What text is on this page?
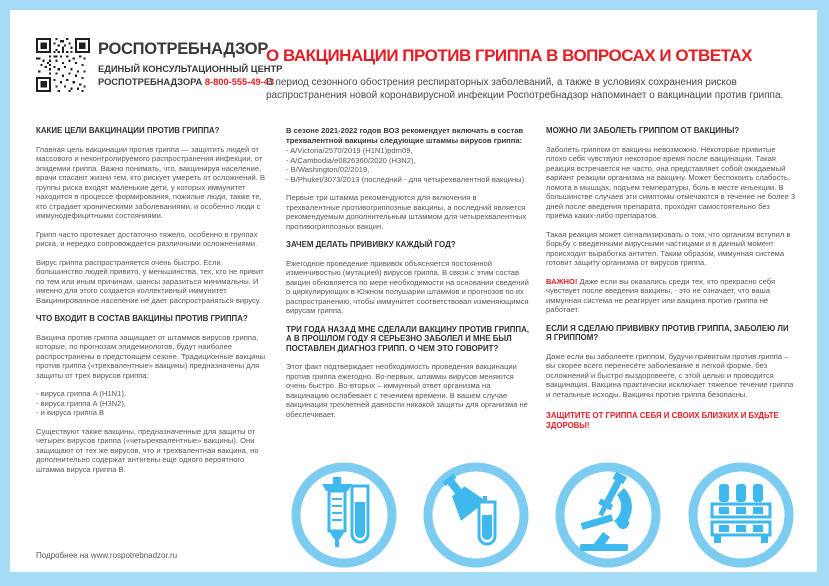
РОСПОТРЕБНАДЗОР
ЕДИНЫЙ КОНСУЛЬТАЦИОННЫЙ ЦЕНТР
РОСПОТРЕБНАДЗОРА 8-800-555-49-43
О ВАКЦИНАЦИИ ПРОТИВ ГРИППА В ВОПРОСАХ И ОТВЕТАХ
В период сезонного обострения респираторных заболеваний, а также в условиях сохранения рисков распространения новой коронавирусной инфекции Роспотребнадзор напоминает о вакцинации против гриппа.
КАКИЕ ЦЕЛИ ВАКЦИНАЦИИ ПРОТИВ ГРИППА?

Главная цель вакцинации против гриппа — защитить людей от массового и неконтролируемого распространения инфекции, от эпидемии гриппа. Важно понимать, что, вакцинируя население, врачи спасают жизни тем, кто рискует умереть от осложнений. В группы риска входят маленькие дети, у которых иммунитет находится в процессе формирования, пожилые люди, также те, кто страдает хроническими заболеваниями, и особенно люди с иммунодефицитными состояниями.

Грипп часто протекает достаточно тяжело, особенно в группах риска, и нередко сопровождается различными осложнениями.

Вирус гриппа распространяется очень быстро. Если большинство людей привито, у меньшинства, тех, кто не привит по тем или иным причинам, шансы заразиться минимальны. И именно для этого создается коллективный иммунитет. Вакцинированное население не дает распространяться вирусу.

ЧТО ВХОДИТ В СОСТАВ ВАКЦИНЫ ПРОТИВ ГРИППА?

Вакцина против гриппа защищает от штаммов вирусов гриппа, которые, по прогнозам эпидемиологов, будут наиболее распространены в предстоящем сезоне. Традиционные вакцины против гриппа («трехвалентные» вакцины) предназначены для защиты от трех вирусов гриппа:

- вируса гриппа A (H1N1),
- вируса гриппа A (H3N2),
- и вируса гриппа B

Существуют также вакцины, предназначенные для защиты от четырех вирусов гриппа («четырехвалентные» вакцины). Они защищают от тех же вирусов, что и трехвалентная вакцина, но дополнительно содержат антигены еще одного вероятного штамма вируса гриппа B.

В сезоне 2021-2022 годов ВОЗ рекомендует включать в состав трехвалентной вакцины следующие штаммы вирусов гриппа:

- A/Victoria/2570/2019 (H1N1)pdm09,
- A/Cambodia/e0826360/2020 (H3N2),
- B/Washington/02/2019,
- B/Phuket/3073/2013 (последний - для четырехвалентной вакцины).

Первые три штамма рекомендуются для включения в трехвалентные противогриппозные вакцины, а последний является рекомендуемым дополнительным штаммом для четырехвалентных противогриппозных вакцин.

ЗАЧЕМ ДЕЛАТЬ ПРИВИВКУ КАЖДЫЙ ГОД?

Ежегодное проведение прививок объясняется постоянной изменчивостью (мутацией) вирусов гриппа. В связи с этим состав вакцин обновляется по мере необходимости на основании сведений о циркулирующих в Южном полушарии штаммов и прогнозов по их распространению, чтобы иммунитет соответствовал изменяющимся вирусам гриппа.

ТРИ ГОДА НАЗАД МНЕ СДЕЛАЛИ ВАКЦИНУ ПРОТИВ ГРИППА, А В ПРОШЛОМ ГОДУ Я СЕРЬЕЗНО ЗАБОЛЕЛ И МНЕ БЫЛ ПОСТАВЛЕН ДИАГНОЗ ГРИПП. О ЧЕМ ЭТО ГОВОРИТ?

Этот факт подтверждает необходимость проведения вакцинации против гриппа ежегодно. Во-первых, штаммы вирусов меняются очень быстро. Во-вторых – иммунный ответ организма на вакцинацию ослабевает с течением времени. В вашем случае вакцинация трехлетней давности никакой защиты для организма не обеспечивает.

МОЖНО ЛИ ЗАБОЛЕТЬ ГРИППОМ ОТ ВАКЦИНЫ?

Заболеть гриппом от вакцины невозможно. Некоторые привитые плохо себя чувствуют некоторое время после вакцинации. Такая реакция встречается не часто, она представляет собой ожидаемый вариант реакции организма на вакцину. Может беспокоить слабость, ломота в мышцах, подъем температуры, боль в месте инъекции. В большинстве случаев эти симптомы отмечаются в течение не более 3 дней после введения препарата, проходят самостоятельно без приёма каких-либо препаратов.

Такая реакция может сигнализировать о том, что организм вступил в борьбу с введенными вирусными частицами и в данный момент происходит выработка антител. Таким образом, иммунная система готовит защиту организма от вирусов гриппа.

ВАЖНО! Даже если вы оказались среди тех, кто прекрасно себя чувствует после введения вакцины, - это не означает, что ваша иммунная система не реагирует или вакцина против гриппа не работает.

ЕСЛИ Я СДЕЛАЮ ПРИВИВКУ ПРОТИВ ГРИППА, ЗАБОЛЕЮ ЛИ Я ГРИППОМ?

Даже если вы заболеете гриппом, будучи привитым против гриппа – вы скорее всего перенесёте заболевание в легкой форме, без осложнений и быстро выздоровеете, с этой целью и проводится вакцинация. Вакцина практически исключает тяжелое течение гриппа и летальные исходы. Вакцины против гриппа безопасны.

ЗАЩИТИТЕ ОТ ГРИППА СЕБЯ И СВОИХ БЛИЗКИХ И БУДЬТЕ ЗДОРОВЫ!
Подробнее на www.rospotrebnadzor.ru
